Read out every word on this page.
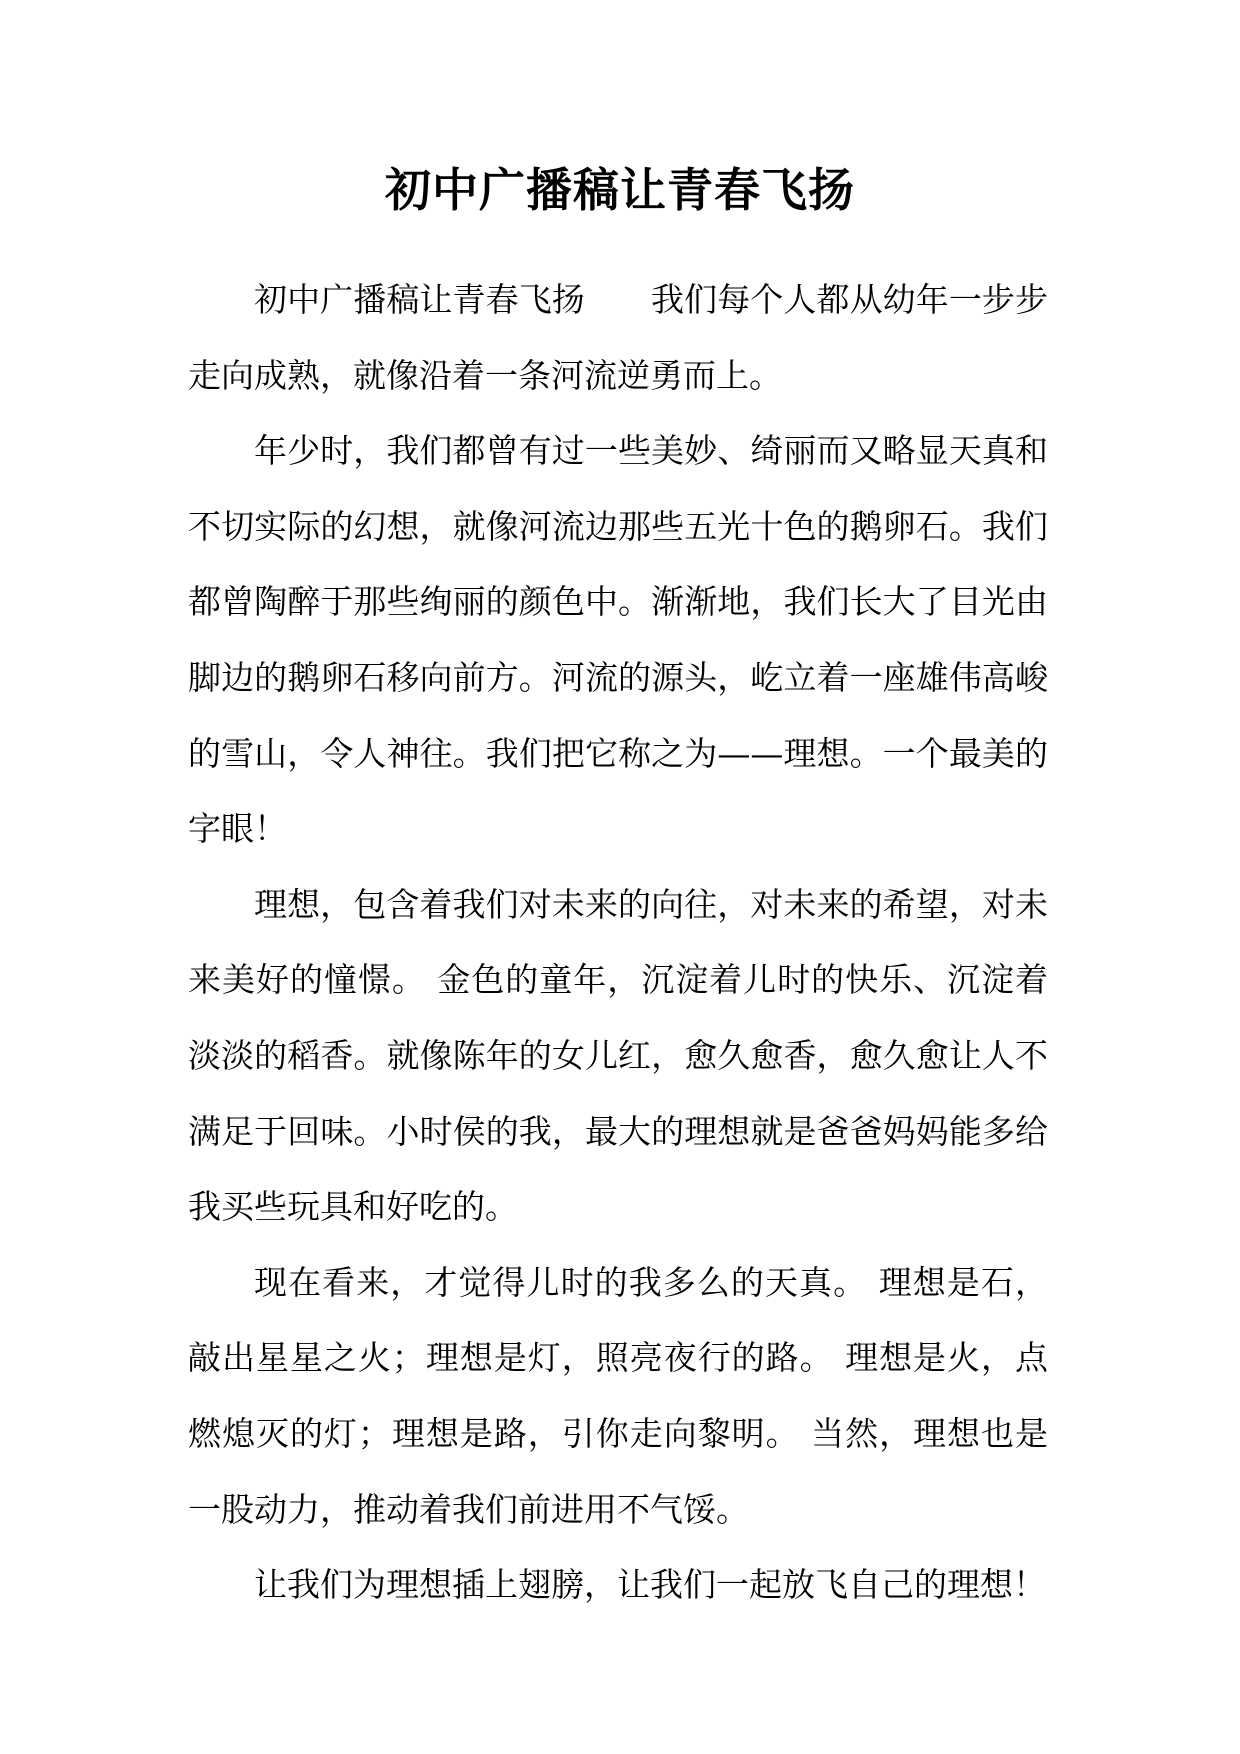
初中广播稿让青春飞扬

初中广播稿让青春飞扬　　我们每个人都从幼年一步步走向成熟，就像沿着一条河流逆勇而上。

年少时，我们都曾有过一些美妙、绮丽而又略显天真和不切实际的幻想，就像河流边那些五光十色的鹅卵石。我们都曾陶醉于那些绚丽的颜色中。渐渐地，我们长大了目光由脚边的鹅卵石移向前方。河流的源头，屹立着一座雄伟高峻的雪山，令人神往。我们把它称之为——理想。一个最美的字眼！

理想，包含着我们对未来的向往，对未来的希望，对未来美好的憧憬。 金色的童年，沉淀着儿时的快乐、沉淀着淡淡的稻香。就像陈年的女儿红，愈久愈香，愈久愈让人不满足于回味。小时侯的我，最大的理想就是爸爸妈妈能多给我买些玩具和好吃的。

现在看来，才觉得儿时的我多么的天真。 理想是石，敲出星星之火；理想是灯，照亮夜行的路。 理想是火，点燃熄灭的灯；理想是路，引你走向黎明。 当然，理想也是一股动力，推动着我们前进用不气馁。

让我们为理想插上翅膀，让我们一起放飞自己的理想！
